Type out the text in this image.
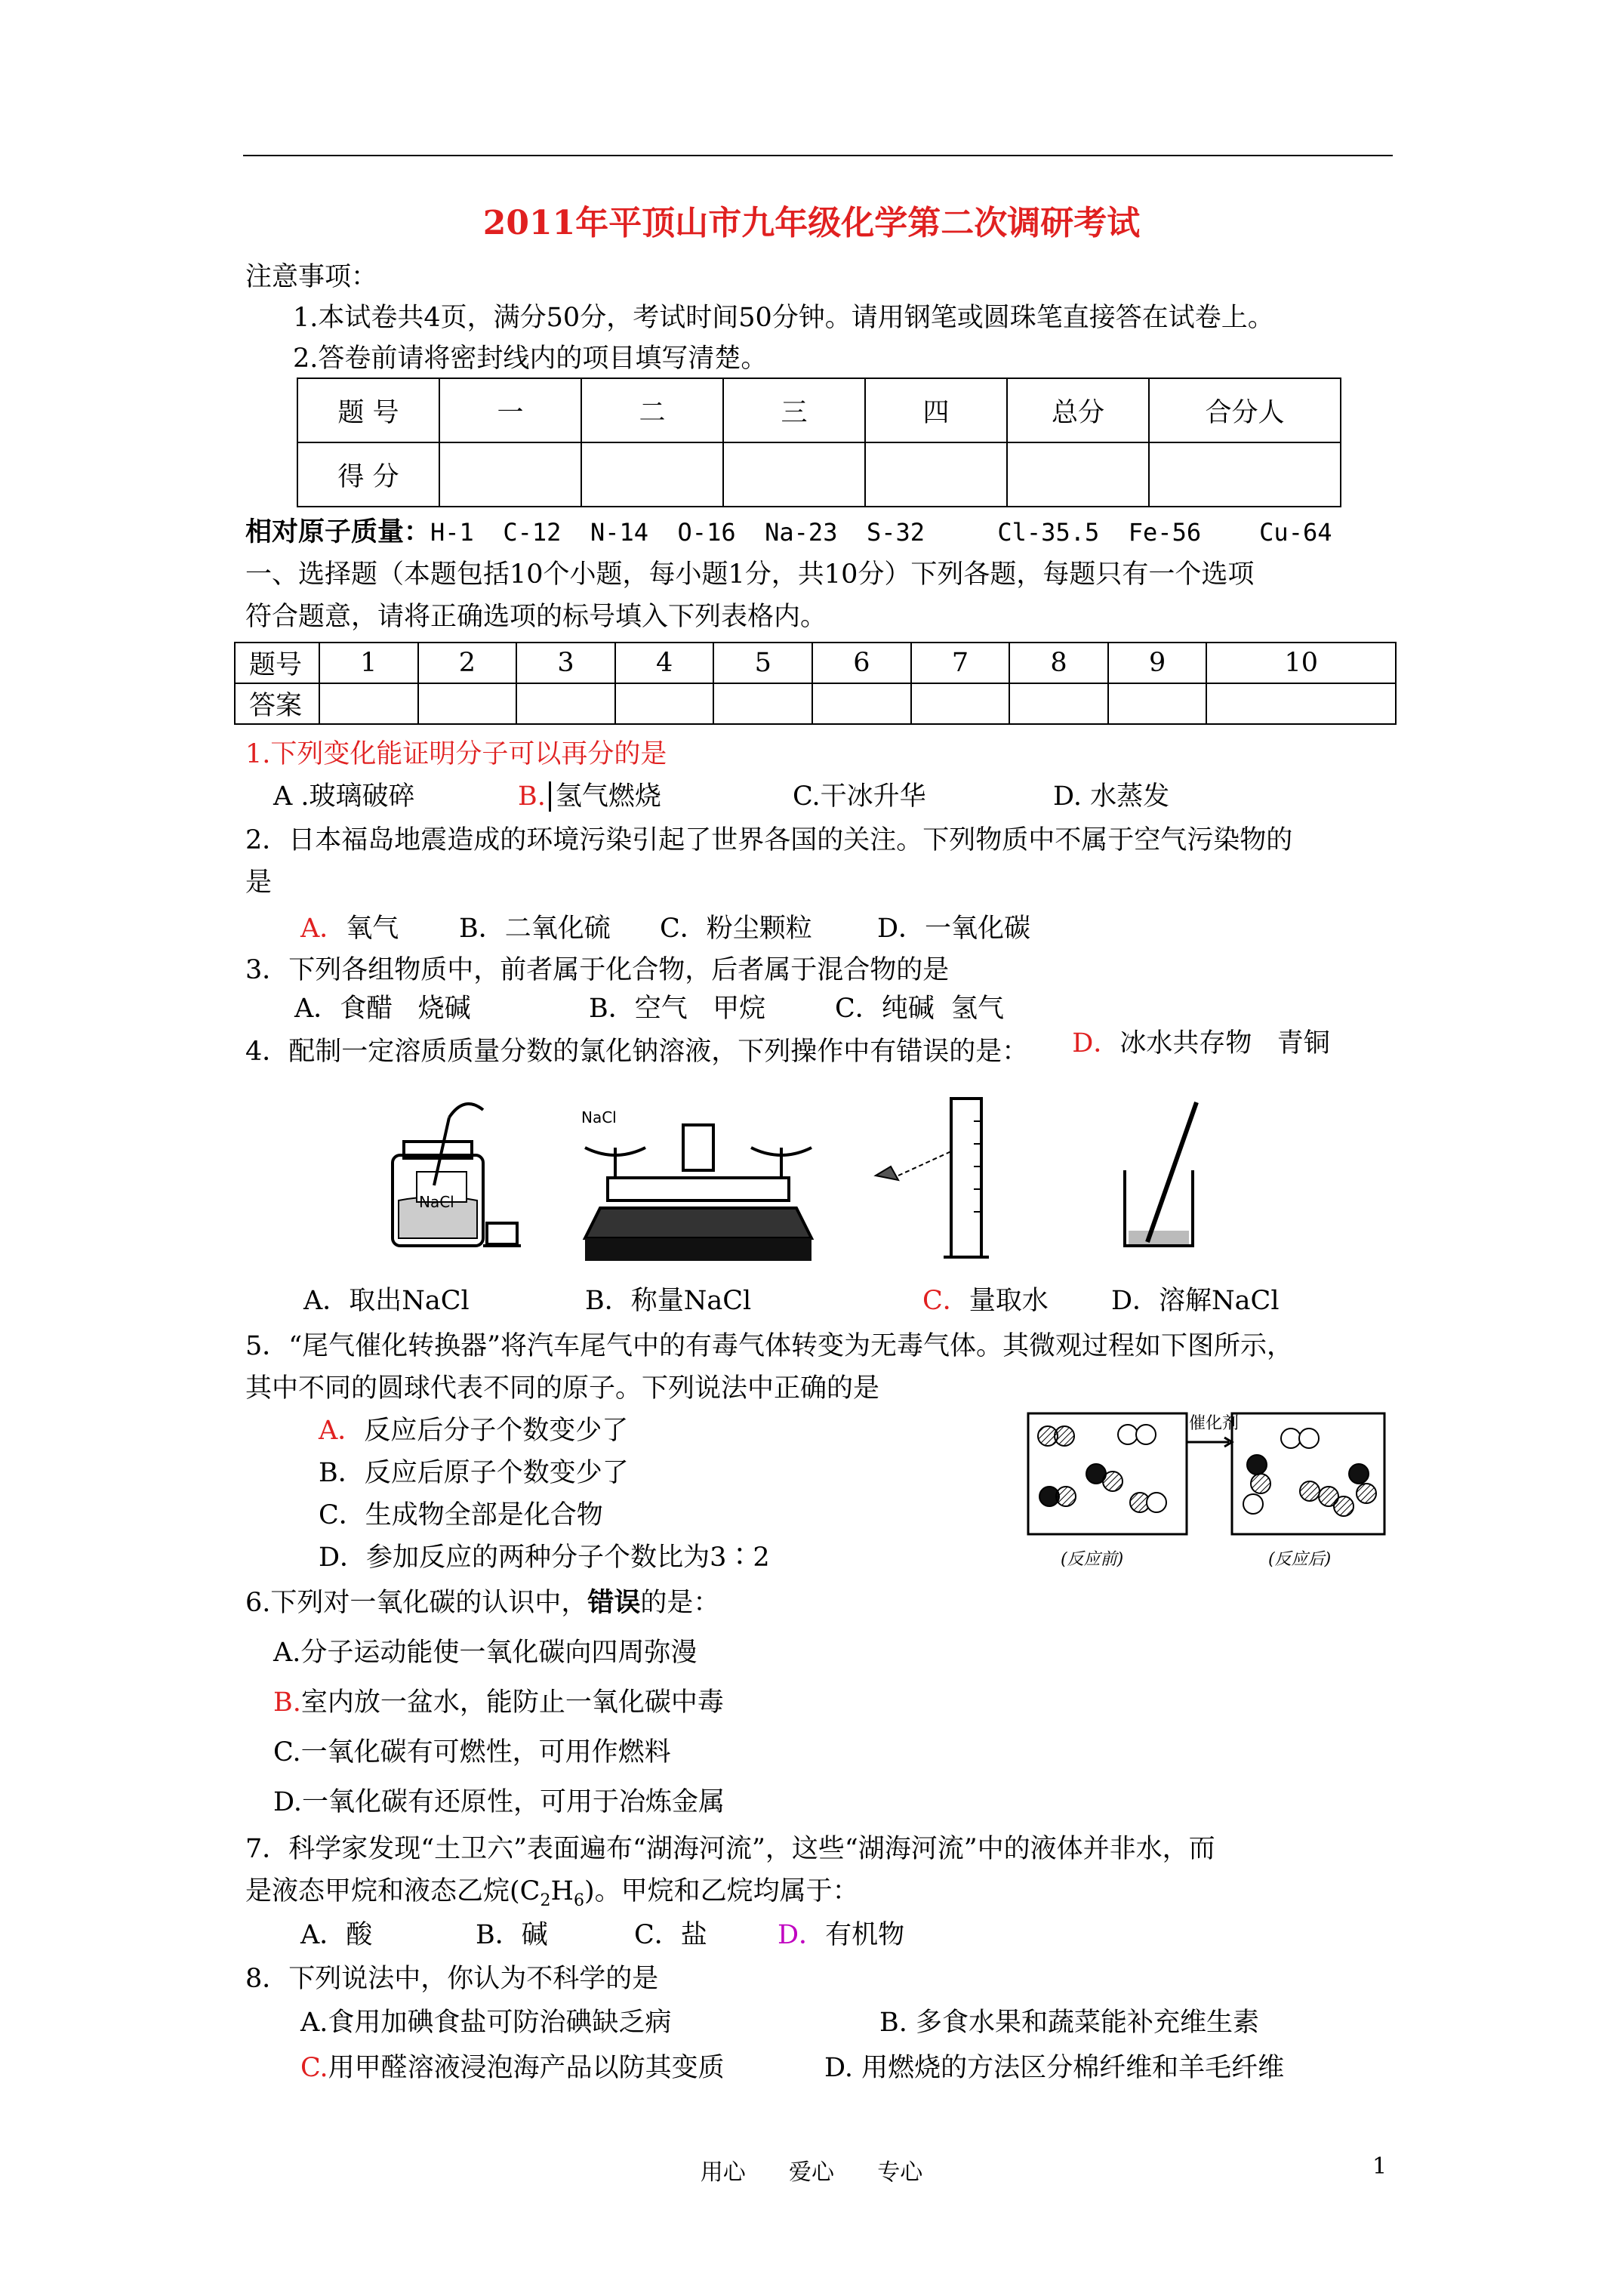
2011年平顶山市九年级化学第二次调研考试
注意事项：
1.本试卷共4页，满分50分，考试时间50分钟。请用钢笔或圆珠笔直接答在试卷上。
2.答卷前请将密封线内的项目填写清楚。
题 号	一	二	三	四	总分	合分人
得 分						
相对原子质量：H-1  C-12  N-14  O-16  Na-23  S-32     Cl-35.5  Fe-56    Cu-64
一、选择题（本题包括10个小题，每小题1分，共10分）下列各题，每题只有一个选项
符合题意，请将正确选项的标号填入下列表格内。
题号	1	2	3	4	5	6	7	8	9	10
答案										
1.下列变化能证明分子可以再分的是
A .玻璃破碎	B. 氢气燃烧	C.干冰升华	D. 水蒸发
2．日本福岛地震造成的环境污染引起了世界各国的关注。下列物质中不属于空气污染物的
是
A．氧气 B．二氧化硫 C．粉尘颗粒 D．一氧化碳
3．下列各组物质中，前者属于化合物，后者属于混合物的是
A．食醋   烧碱	B．空气   甲烷	C．纯碱  氢气

D．冰水共存物   青铜

4．配制一定溶质质量分数的氯化钠溶液，下列操作中有错误的是：
NaCl
NaCl
A．取出NaCl	B．称量NaCl	C．量取水 D．溶解NaCl
5．“尾气催化转换器”将汽车尾气中的有毒气体转变为无毒气体。其微观过程如下图所示，
其中不同的圆球代表不同的原子。下列说法中正确的是
A．反应后分子个数变少了
B．反应后原子个数变少了
C．生成物全部是化合物
D．参加反应的两种分子个数比为3∶2
催化剂
(反应前)	(反应后)
6.下列对一氧化碳的认识中，错误的是：
A.分子运动能使一氧化碳向四周弥漫
B.室内放一盆水，能防止一氧化碳中毒
C.一氧化碳有可燃性，可用作燃料
D.一氧化碳有还原性，可用于冶炼金属
7．科学家发现“土卫六”表面遍布“湖海河流”，这些“湖海河流”中的液体并非水，而
是液态甲烷和液态乙烷$(C_2H_6)$。甲烷和乙烷均属于：
A．酸	B．碱	C．盐	D．有机物
8．下列说法中，你认为不科学的是
A.食用加碘食盐可防治碘缺乏病	B. 多食水果和蔬菜能补充维生素
C.用甲醛溶液浸泡海产品以防其变质	D. 用燃烧的方法区分棉纤维和羊毛纤维
用心      爱心      专心	1
